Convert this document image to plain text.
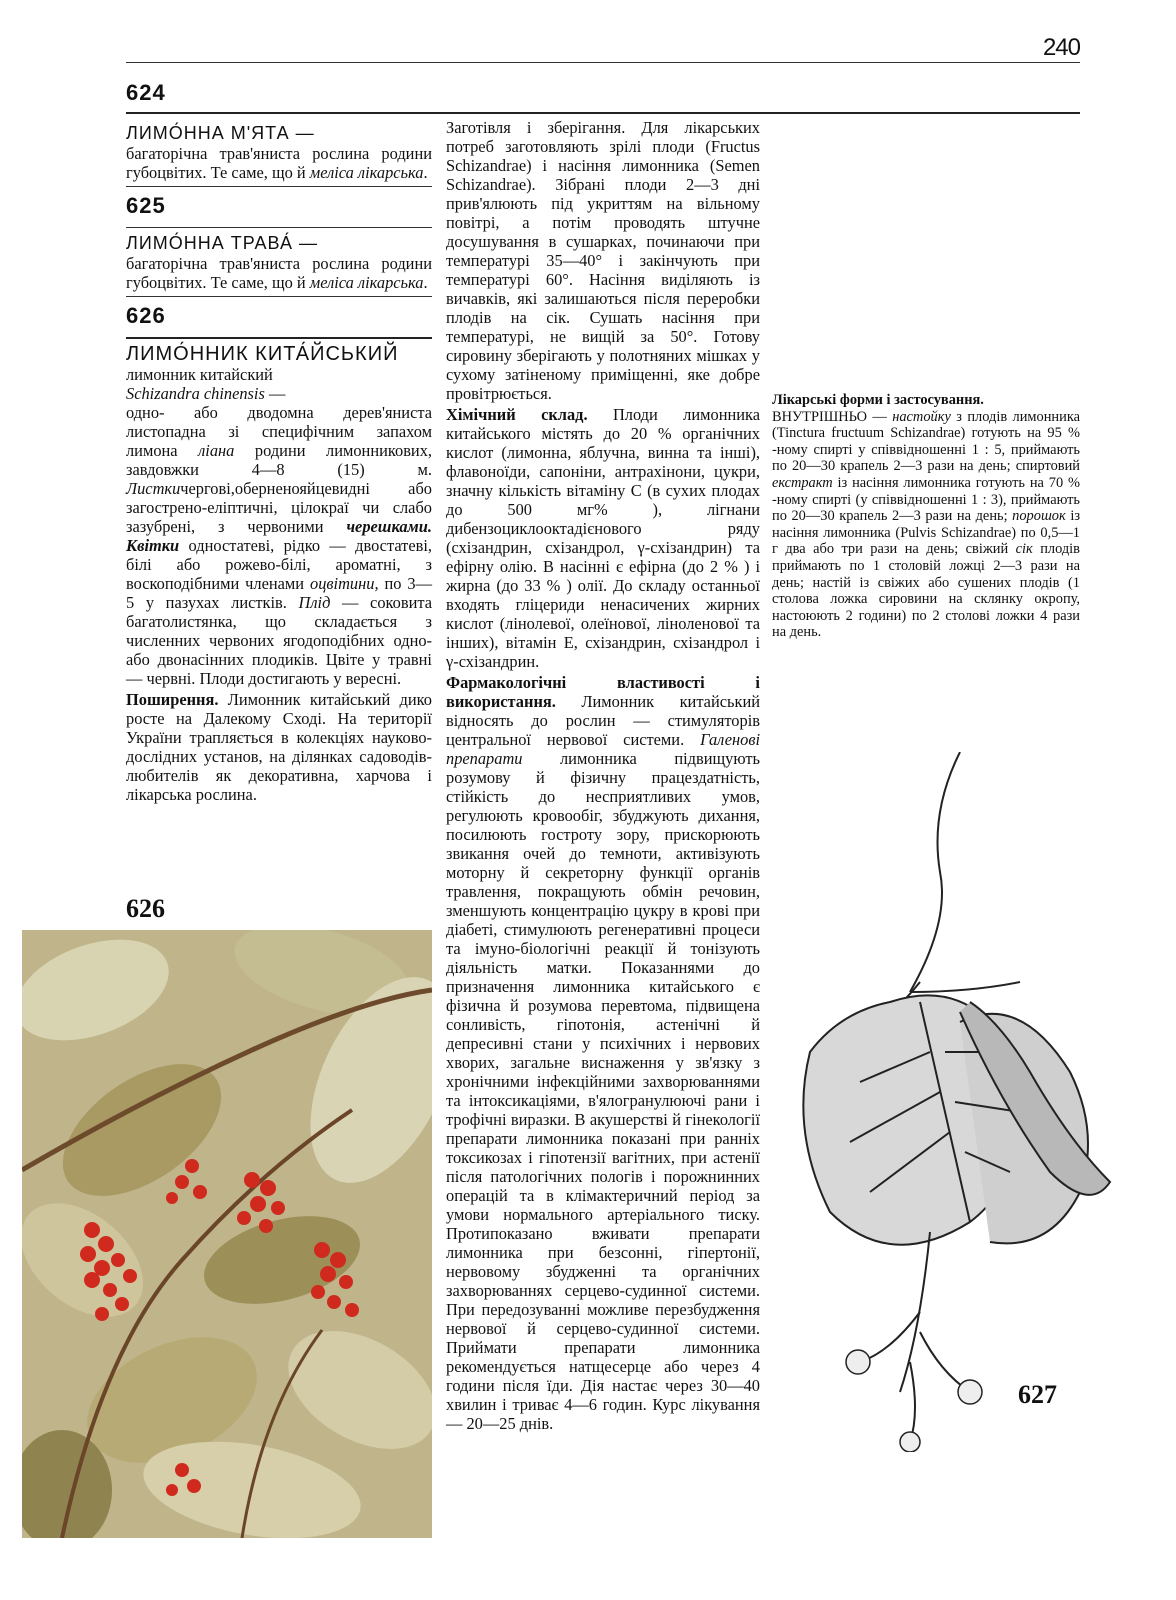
240
624
ЛИМО́ННА М'ЯТА —
багаторічна трав'яниста рослина родини губоцвітих. Те саме, що й меліса лікарська.
625
ЛИМО́ННА ТРАВА́ —
багаторічна трав'яниста рослина родини губоцвітих. Те саме, що й меліса лікарська.
626
ЛИМО́ННИК КИТА́ЙСЬКИЙ
лимонник китайский
Schizandra chinensis —
одно- або дводомна дерев'яниста листопадна зі специфічним запахом лимона ліана родини лимонникових, завдовжки 4—8 (15) м. Листкичергові,оберненояйцевидні або загострено-еліптичні, цілокраї чи слабо зазубрені, з червоними черешками. Квітки одностатеві, рідко — двостатеві, білі або рожево-білі, ароматні, з воскоподібними членами оцвітини, по 3—5 у пазухах листків. Плід — соковита багатолистянка, що складається з численних червоних ягодоподібних одно- або двонасінних плодиків. Цвіте у травні — червні. Плоди достигають у вересні.
Поширення. Лимонник китайський дико росте на Далекому Сході. На території України трапляється в колекціях науково-дослідних установ, на ділянках садоводів-любителів як декоративна, харчова і лікарська рослина.
Заготівля і зберігання. Для лікарських потреб заготовляють зрілі плоди (Fructus Schizandrae) і насіння лимонника (Semen Schizandrae). Зібрані плоди 2—3 дні прив'ялюють під укриттям на вільному повітрі, а потім проводять штучне досушування в сушарках, починаючи при температурі 35—40° і закінчують при температурі 60°. Насіння виділяють із вичавків, які залишаються після переробки плодів на сік. Сушать насіння при температурі, не вищій за 50°. Готову сировину зберігають у полотняних мішках у сухому затіненому приміщенні, яке добре провітрюється.
Хімічний склад. Плоди лимонника китайського містять до 20 % органічних кислот (лимонна, яблучна, винна та інші), флавоноїди, сапоніни, антрахінони, цукри, значну кількість вітаміну С (в сухих плодах до 500 мг% ), лігнани дибензоциклооктадієнового ряду (схізандрин, схізандрол, γ-схізандрин) та ефірну олію. В насінні є ефірна (до 2 % ) і жирна (до 33 % ) олії. До складу останньої входять гліцериди ненасичених жирних кислот (лінолевої, олеїнової, ліноленової та інших), вітамін Е, схізандрин, схізандрол і γ-схізандрин.
Фармакологічні властивості і використання. Лимонник китайський відносять до рослин — стимуляторів центральної нервової системи. Галенові препарати лимонника підвищують розумову й фізичну працездатність, стійкість до несприятливих умов, регулюють кровообіг, збуджують дихання, посилюють гостроту зору, прискорюють звикання очей до темноти, активізують моторну й секреторну функції органів травлення, покращують обмін речовин, зменшують концентрацію цукру в крові при діабеті, стимулюють регенеративні процеси та імуно-біологічні реакції й тонізують діяльність матки. Показаннями до призначення лимонника китайського є фізична й розумова перевтома, підвищена сонливість, гіпотонія, астенічні й депресивні стани у психічних і нервових хворих, загальне виснаження у зв'язку з хронічними інфекційними захворюваннями та інтоксикаціями, в'ялогранулюючі рани і трофічні виразки. В акушерстві й гінекології препарати лимонника показані при ранніх токсикозах і гіпотензії вагітних, при астенії після патологічних пологів і порожнинних операцій та в клімактеричний період за умови нормального артеріального тиску. Протипоказано вживати препарати лимонника при безсонні, гіпертонії, нервовому збудженні та органічних захворюваннях серцево-судинної системи. При передозуванні можливе перезбудження нервової й серцево-судинної системи. Приймати препарати лимонника рекомендується натщесерце або через 4 години після їди. Дія настає через 30—40 хвилин і триває 4—6 годин. Курс лікування — 20—25 днів.
Лікарські форми і застосування.
ВНУТРІШНЬО — настойку з плодів лимонника (Tinctura fructuum Schizandrae) готують на 95 % -ному спирті у співвідношенні 1 : 5, приймають по 20—30 крапель 2—3 рази на день; спиртовий екстракт із насіння лимонника готують на 70 % -ному спирті (у співвідношенні 1 : 3), приймають по 20—30 крапель 2—3 рази на день; порошок із насіння лимонника (Pulvis Schizandrae) по 0,5—1 г два або три рази на день; свіжий сік плодів приймають по 1 столовій ложці 2—3 рази на день; настій із свіжих або сушених плодів (1 столова ложка сировини на склянку окропу, настоюють 2 години) по 2 столові ложки 4 рази на день.
626
627
